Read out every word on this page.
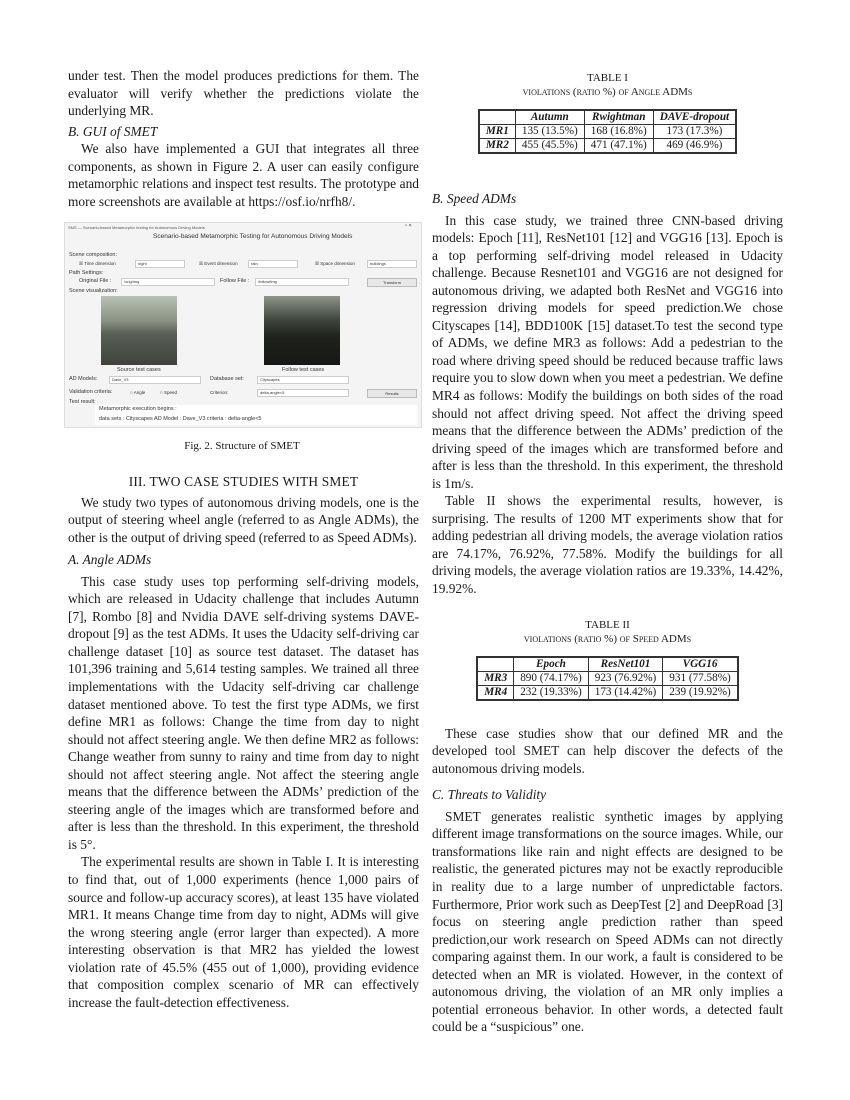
under test. Then the model produces predictions for them. The evaluator will verify whether the predictions violate the underlying MR.

B. GUI of SMET

We also have implemented a GUI that integrates all three components, as shown in Figure 2. A user can easily configure metamorphic relations and inspect test results. The prototype and more screenshots are available at https://osf.io/nrfh8/.

SMS — Scenario-based Metamorphic testing for Autonomous Driving Models	▫ ×
Scenario-based Metamorphic Testing for Autonomous Driving Models
Scene composition:
☒ Time dimension	night	☒ Event dimension	rain	☒ Space dimension	buildings
Path Settings:
Original File :	/orig/img	Follow File : /follow/img	Transform
Scene visualization:
Source test cases	Follow test cases
AD Models:	Dave_V3	Database set:	Cityscapes
Validation criteria:	○ Angle	○ Speed	Criterion:	delta-angle<5	Results
Test result:
Metamorphic execution begins :
data sets : Cityscapes AD Model : Dave_V3 criteria : delta-angle<5
Fig. 2. Structure of SMET

III. TWO CASE STUDIES WITH SMET

We study two types of autonomous driving models, one is the output of steering wheel angle (referred to as Angle ADMs), the other is the output of driving speed (referred to as Speed ADMs).

A. Angle ADMs

This case study uses top performing self-driving models, which are released in Udacity challenge that includes Autumn [7], Rombo [8] and Nvidia DAVE self-driving systems DAVE-dropout [9] as the test ADMs. It uses the Udacity self-driving car challenge dataset [10] as source test dataset. The dataset has 101,396 training and 5,614 testing samples. We trained all three implementations with the Udacity self-driving car challenge dataset mentioned above. To test the first type ADMs, we first define MR1 as follows: Change the time from day to night should not affect steering angle. We then define MR2 as follows: Change weather from sunny to rainy and time from day to night should not affect steering angle. Not affect the steering angle means that the difference between the ADMs’ prediction of the steering angle of the images which are transformed before and after is less than the threshold. In this experiment, the threshold is 5°.

The experimental results are shown in Table I. It is interesting to find that, out of 1,000 experiments (hence 1,000 pairs of source and follow-up accuracy scores), at least 135 have violated MR1. It means Change time from day to night, ADMs will give the wrong steering angle (error larger than expected). A more interesting observation is that MR2 has yielded the lowest violation rate of 45.5% (455 out of 1,000), providing evidence that composition complex scenario of MR can effectively increase the fault-detection effectiveness.

TABLE I
violations (ratio %) of Angle ADMs
	Autumn	Rwightman	DAVE-dropout
MR1	135 (13.5%)	168 (16.8%)	173 (17.3%)
MR2	455 (45.5%)	471 (47.1%)	469 (46.9%)

B. Speed ADMs

In this case study, we trained three CNN-based driving models: Epoch [11], ResNet101 [12] and VGG16 [13]. Epoch is a top performing self-driving model released in Udacity challenge. Because Resnet101 and VGG16 are not designed for autonomous driving, we adapted both ResNet and VGG16 into regression driving models for speed prediction.We chose Cityscapes [14], BDD100K [15] dataset.To test the second type of ADMs, we define MR3 as follows: Add a pedestrian to the road where driving speed should be reduced because traffic laws require you to slow down when you meet a pedestrian. We define MR4 as follows: Modify the buildings on both sides of the road should not affect driving speed. Not affect the driving speed means that the difference between the ADMs’ prediction of the driving speed of the images which are transformed before and after is less than the threshold. In this experiment, the threshold is 1m/s.

Table II shows the experimental results, however, is surprising. The results of 1200 MT experiments show that for adding pedestrian all driving models, the average violation ratios are 74.17%, 76.92%, 77.58%. Modify the buildings for all driving models, the average violation ratios are 19.33%, 14.42%, 19.92%.

TABLE II
violations (ratio %) of Speed ADMs
	Epoch	ResNet101	VGG16
MR3	890 (74.17%)	923 (76.92%)	931 (77.58%)
MR4	232 (19.33%)	173 (14.42%)	239 (19.92%)

These case studies show that our defined MR and the developed tool SMET can help discover the defects of the autonomous driving models.

C. Threats to Validity

SMET generates realistic synthetic images by applying different image transformations on the source images. While, our transformations like rain and night effects are designed to be realistic, the generated pictures may not be exactly reproducible in reality due to a large number of unpredictable factors. Furthermore, Prior work such as DeepTest [2] and DeepRoad [3] focus on steering angle prediction rather than speed prediction,our work research on Speed ADMs can not directly comparing against them. In our work, a fault is considered to be detected when an MR is violated. However, in the context of autonomous driving, the violation of an MR only implies a potential erroneous behavior. In other words, a detected fault could be a “suspicious” one.
